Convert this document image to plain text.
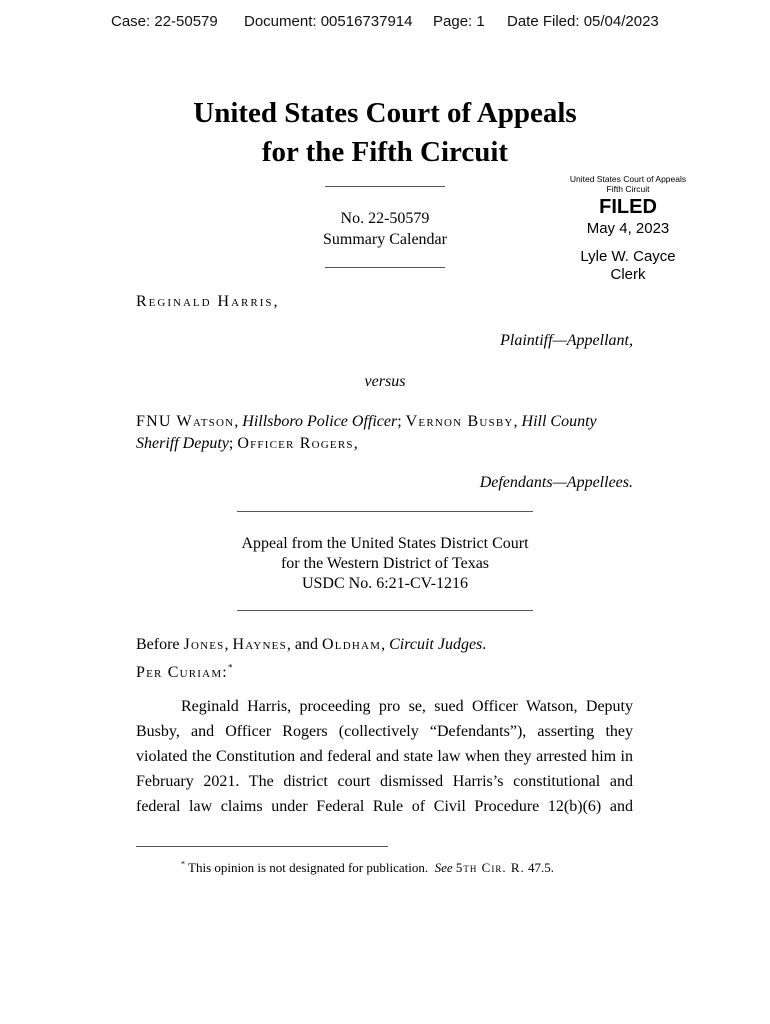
Case: 22-50579 Document: 00516737914 Page: 1 Date Filed: 05/04/2023
United States Court of Appeals
for the Fifth Circuit
United States Court of Appeals
Fifth Circuit
FILED
May 4, 2023
Lyle W. Cayce
Clerk
No. 22-50579
Summary Calendar
Reginald Harris,
Plaintiff—Appellant,
versus
FNU Watson, Hillsboro Police Officer; Vernon Busby, Hill County
Sheriff Deputy; Officer Rogers,
Defendants—Appellees.
Appeal from the United States District Court
for the Western District of Texas
USDC No. 6:21-CV-1216
Before Jones, Haynes, and Oldham, Circuit Judges.
Per Curiam:*
Reginald Harris, proceeding pro se, sued Officer Watson, Deputy
Busby, and Officer Rogers (collectively “Defendants”), asserting they
violated the Constitution and federal and state law when they arrested him in
February 2021. The district court dismissed Harris’s constitutional and
federal law claims under Federal Rule of Civil Procedure 12(b)(6) and
* This opinion is not designated for publication. See 5th Cir. R. 47.5.
